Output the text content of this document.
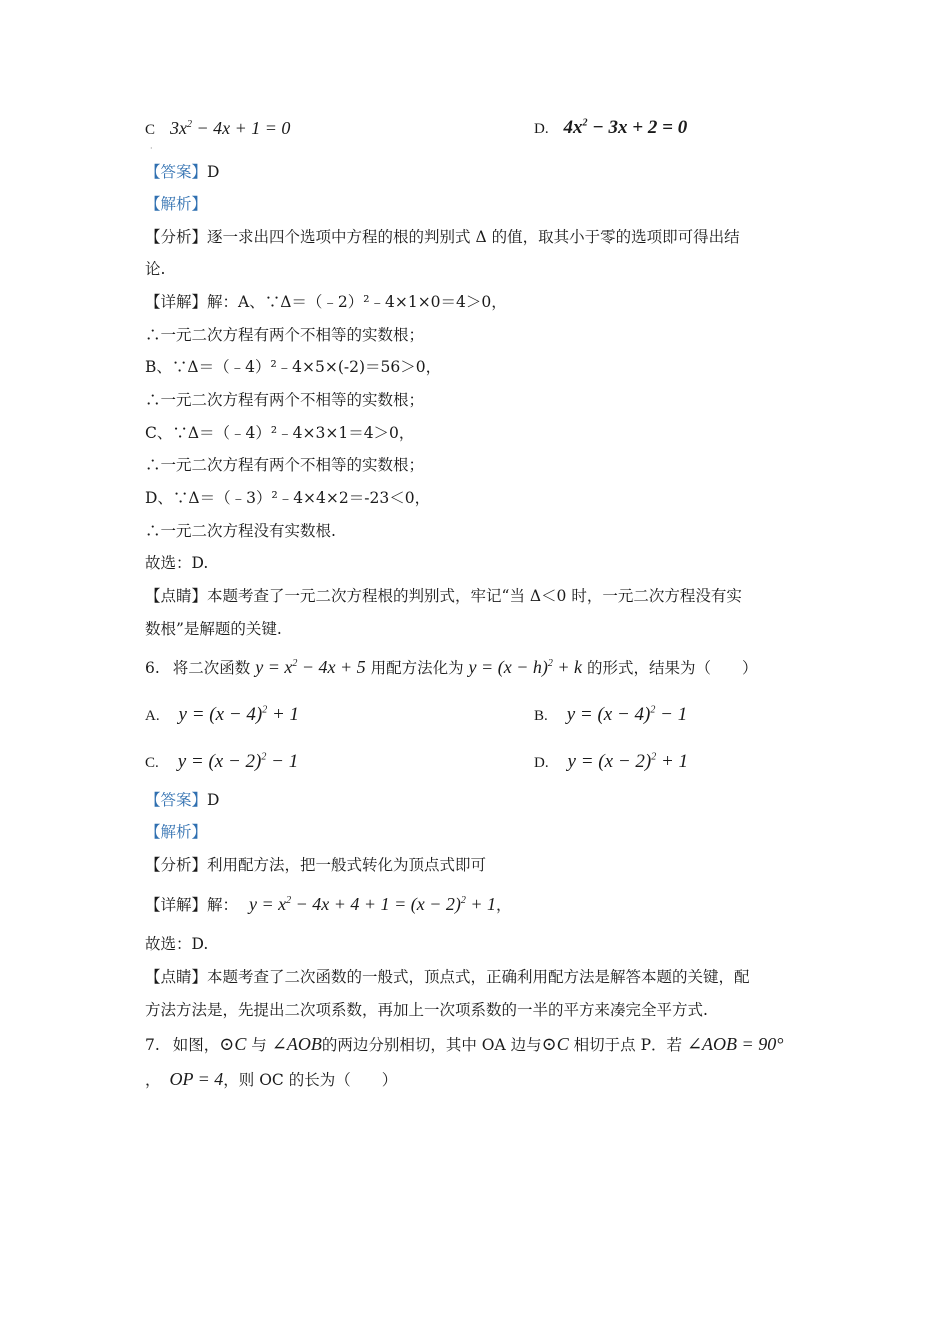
C $3x^2 - 4x + 1 = 0$
·
D. $4x^2 - 3x + 2 = 0$
【答案】D
【解析】
【分析】逐一求出四个选项中方程的根的判别式 Δ 的值，取其小于零的选项即可得出结
论.
【详解】解：A、∵Δ＝（﹣2）²﹣4×1×0＝4＞0，
∴一元二次方程有两个不相等的实数根；
B、∵Δ＝（﹣4）²﹣4×5×(-2)＝56＞0，
∴一元二次方程有两个不相等的实数根；
C、∵Δ＝（﹣4）²﹣4×3×1＝4＞0，
∴一元二次方程有两个不相等的实数根；
D、∵Δ＝（﹣3）²﹣4×4×2＝-23＜0，
∴一元二次方程没有实数根.
故选：D.
【点睛】本题考查了一元二次方程根的判别式，牢记“当 Δ＜0 时，一元二次方程没有实
数根”是解题的关键.
6. 将二次函数 $y = x^2 - 4x + 5$ 用配方法化为 $y = (x - h)^2 + k$ 的形式，结果为（　　）
A. $y = (x - 4)^2 + 1$	B. $y = (x - 4)^2 - 1$
C. $y = (x - 2)^2 - 1$	D. $y = (x - 2)^2 + 1$
【答案】D
【解析】
【分析】利用配方法，把一般式转化为顶点式即可
【详解】解： $y = x^2 - 4x + 4 + 1 = (x - 2)^2 + 1$，
故选：D.
【点睛】本题考查了二次函数的一般式，顶点式，正确利用配方法是解答本题的关键，配
方法方法是，先提出二次项系数，再加上一次项系数的一半的平方来凑完全平方式.
7. 如图，⊙C 与 ∠AOB的两边分别相切，其中 OA 边与⊙C 相切于点 P．若 ∠AOB = 90°
， OP = 4，则 OC 的长为（　　）
